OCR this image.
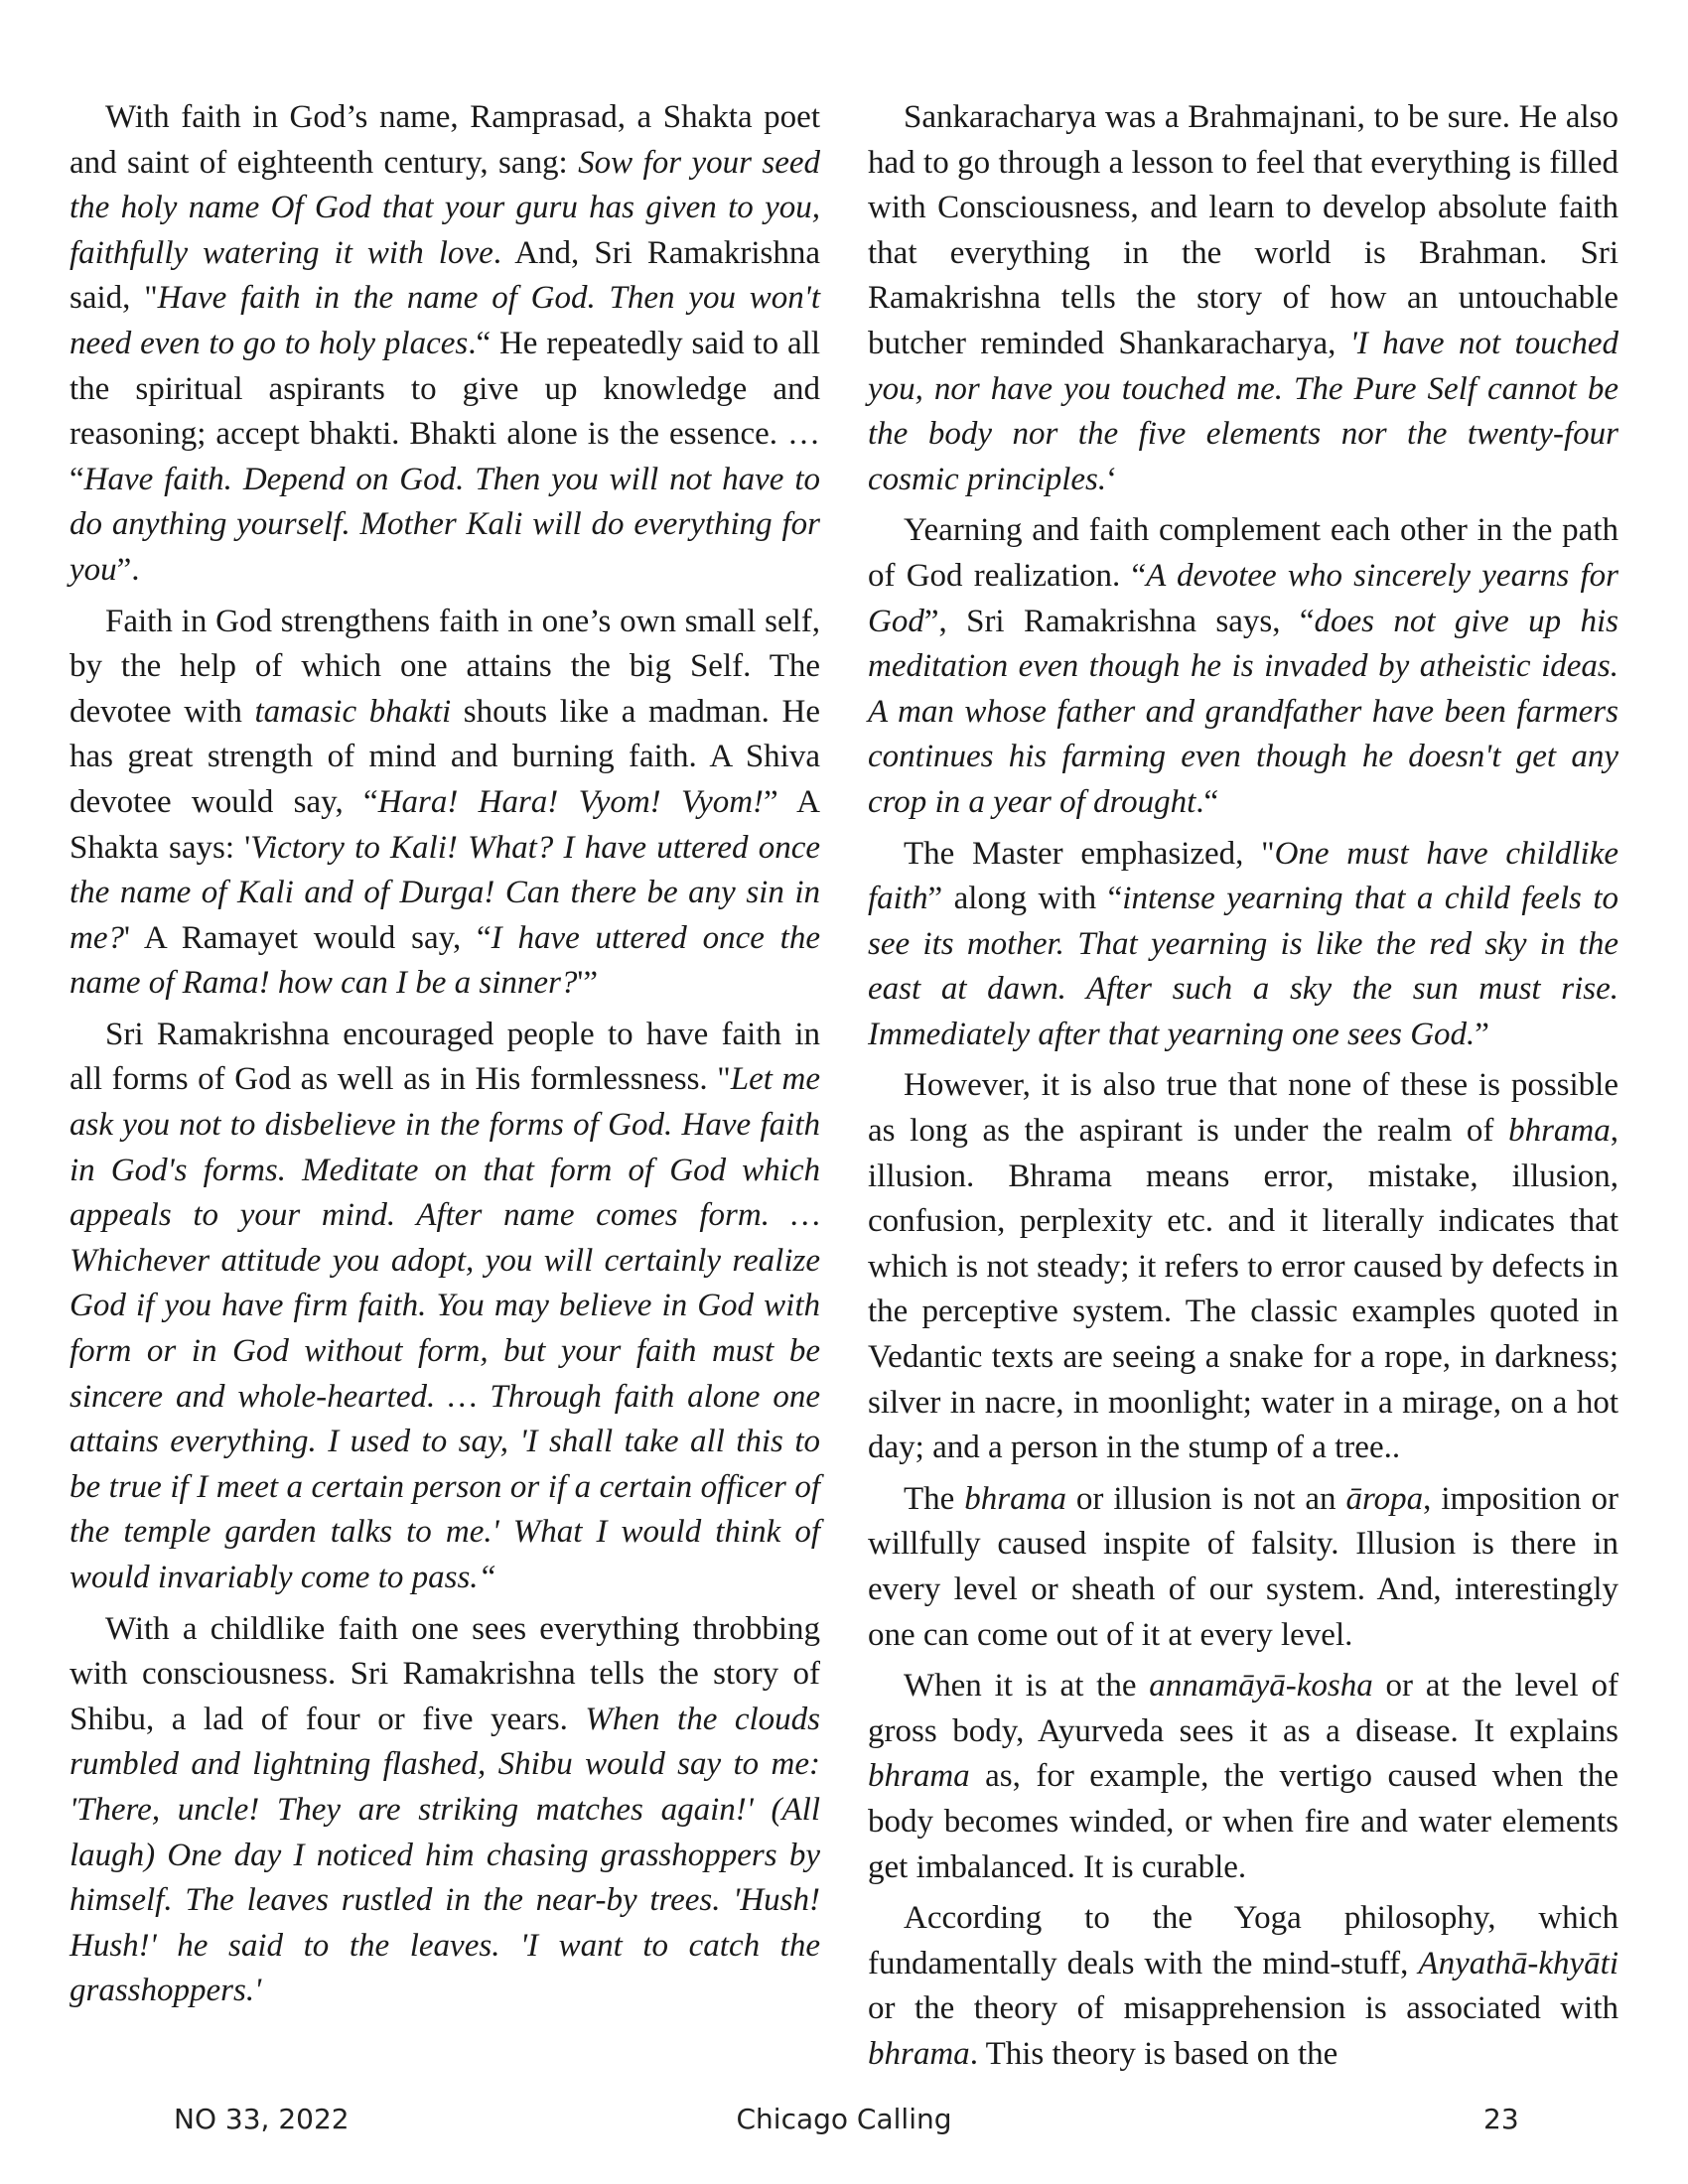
With faith in God’s name, Ramprasad, a Shakta poet and saint of eighteenth century, sang: Sow for your seed the holy name Of God that your guru has given to you, faithfully watering it with love. And, Sri Ramakrishna said, "Have faith in the name of God. Then you won't need even to go to holy places.“ He repeatedly said to all the spiritual aspirants to give up knowledge and reasoning; accept bhakti. Bhakti alone is the essence. … “Have faith. Depend on God. Then you will not have to do anything yourself. Mother Kali will do everything for you”.

Faith in God strengthens faith in one’s own small self, by the help of which one attains the big Self. The devotee with tamasic bhakti shouts like a madman. He has great strength of mind and burning faith. A Shiva devotee would say, “Hara! Hara! Vyom! Vyom!” A Shakta says: 'Victory to Kali! What? I have uttered once the name of Kali and of Durga! Can there be any sin in me?' A Ramayet would say, “I have uttered once the name of Rama! how can I be a sinner?'”

Sri Ramakrishna encouraged people to have faith in all forms of God as well as in His formlessness. "Let me ask you not to disbelieve in the forms of God. Have faith in God's forms. Meditate on that form of God which appeals to your mind. After name comes form. … Whichever attitude you adopt, you will certainly realize God if you have firm faith. You may believe in God with form or in God without form, but your faith must be sincere and whole-hearted. … Through faith alone one attains everything. I used to say, 'I shall take all this to be true if I meet a certain person or if a certain officer of the temple garden talks to me.' What I would think of would invariably come to pass.“

With a childlike faith one sees everything throbbing with consciousness. Sri Ramakrishna tells the story of Shibu, a lad of four or five years. When the clouds rumbled and lightning flashed, Shibu would say to me: 'There, uncle! They are striking matches again!' (All laugh) One day I noticed him chasing grasshoppers by himself. The leaves rustled in the near-by trees. 'Hush! Hush!' he said to the leaves. 'I want to catch the grasshoppers.'

Sankaracharya was a Brahmajnani, to be sure. He also had to go through a lesson to feel that everything is filled with Consciousness, and learn to develop absolute faith that everything in the world is Brahman. Sri Ramakrishna tells the story of how an untouchable butcher reminded Shankaracharya, 'I have not touched you, nor have you touched me. The Pure Self cannot be the body nor the five elements nor the twenty-four cosmic principles.‘

Yearning and faith complement each other in the path of God realization. “A devotee who sincerely yearns for God”, Sri Ramakrishna says, “does not give up his meditation even though he is invaded by atheistic ideas. A man whose father and grandfather have been farmers continues his farming even though he doesn't get any crop in a year of drought.“

The Master emphasized, "One must have childlike faith” along with “intense yearning that a child feels to see its mother. That yearning is like the red sky in the east at dawn. After such a sky the sun must rise. Immediately after that yearning one sees God.”

However, it is also true that none of these is possible as long as the aspirant is under the realm of bhrama, illusion. Bhrama means error, mistake, illusion, confusion, perplexity etc. and it literally indicates that which is not steady; it refers to error caused by defects in the perceptive system. The classic examples quoted in Vedantic texts are seeing a snake for a rope, in darkness; silver in nacre, in moonlight; water in a mirage, on a hot day; and a person in the stump of a tree..

The bhrama or illusion is not an āropa, imposition or willfully caused inspite of falsity. Illusion is there in every level or sheath of our system. And, interestingly one can come out of it at every level.

When it is at the annamāyā-kosha or at the level of gross body, Ayurveda sees it as a disease. It explains bhrama as, for example, the vertigo caused when the body becomes winded, or when fire and water elements get imbalanced. It is curable.

According to the Yoga philosophy, which fundamentally deals with the mind-stuff, Anyathā-khyāti or the theory of misapprehension is associated with bhrama. This theory is based on the

NO 33, 2022	Chicago Calling	23
